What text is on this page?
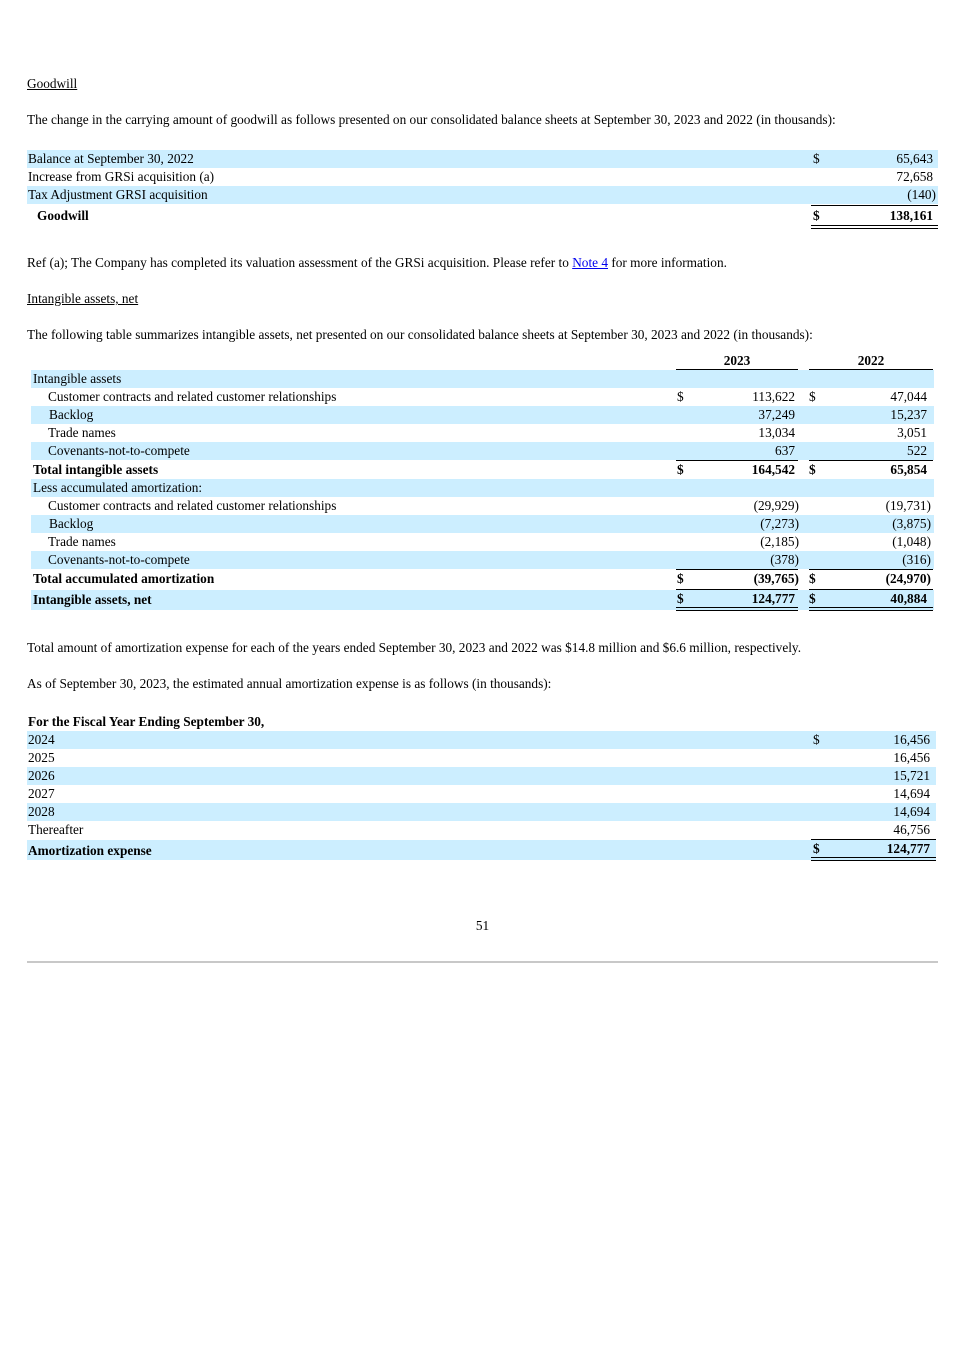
Goodwill
The change in the carrying amount of goodwill as follows presented on our consolidated balance sheets at September 30, 2023 and 2022 (in thousands):
Balance at September 30, 2022	$	65,643
Increase from GRSi acquisition (a)	72,658
Tax Adjustment GRSI acquisition	(140)
Goodwill	$	138,161
Ref (a); The Company has completed its valuation assessment of the GRSi acquisition. Please refer to Note 4 for more information.
Intangible assets, net
The following table summarizes intangible assets, net presented on our consolidated balance sheets at September 30, 2023 and 2022 (in thousands):
2023	2022
Intangible assets
Customer contracts and related customer relationships	$	113,622 $	47,044
Backlog	37,249	15,237
Trade names	13,034	3,051
Covenants-not-to-compete	637	522
Total intangible assets	$	164,542 $	65,854
Less accumulated amortization:
Customer contracts and related customer relationships	(29,929)	(19,731)
Backlog	(7,273)	(3,875)
Trade names	(2,185)	(1,048)
Covenants-not-to-compete	(378)	(316)
Total accumulated amortization	$	(39,765) $	(24,970)
Intangible assets, net	$	124,777 $	40,884
Total amount of amortization expense for each of the years ended September 30, 2023 and 2022 was $14.8 million and $6.6 million, respectively.
As of September 30, 2023, the estimated annual amortization expense is as follows (in thousands):
For the Fiscal Year Ending September 30,
2024	$	16,456
2025	16,456
2026	15,721
2027	14,694
2028	14,694
Thereafter	46,756
Amortization expense	$	124,777
51
